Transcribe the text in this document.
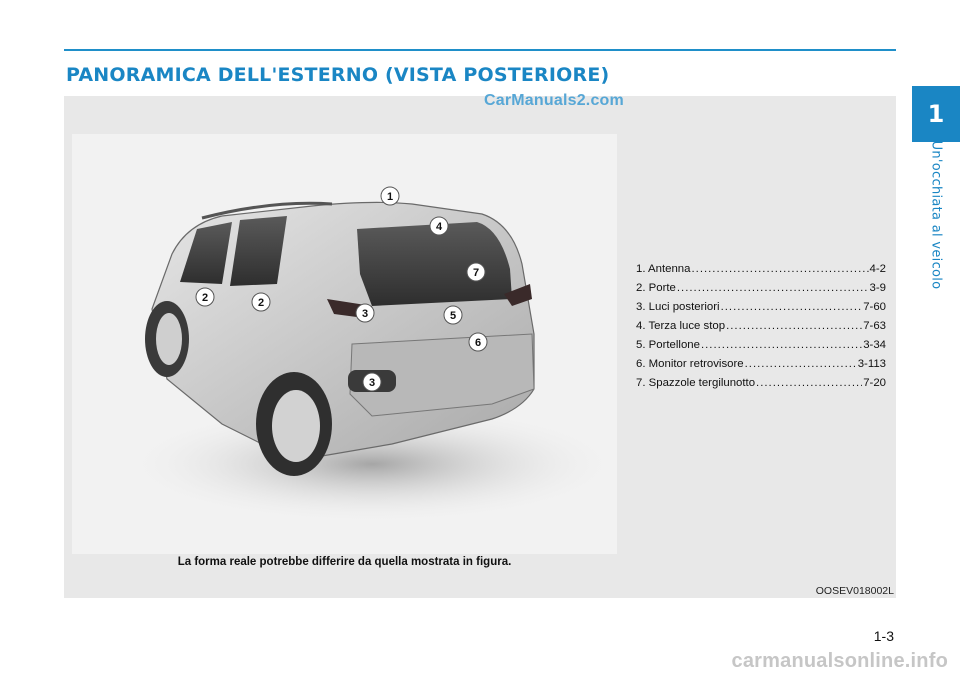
PANORAMICA DELL'ESTERNO (VISTA POSTERIORE)
1
2	2
3
3
4
5
6
7
CarManuals2.com
1. Antenna .....	4-2
2. Porte .....	3-9
3. Luci posteriori .....	7-60
4. Terza luce stop .....	7-63
5. Portellone .....	3-34
6. Monitor retrovisore .....	3-113
7. Spazzole tergilunotto .....	7-20
La forma reale potrebbe differire da quella mostrata in figura.
OOSEV018002L
1
Un'occhiata al veicolo
1-3
carmanualsonline.info
